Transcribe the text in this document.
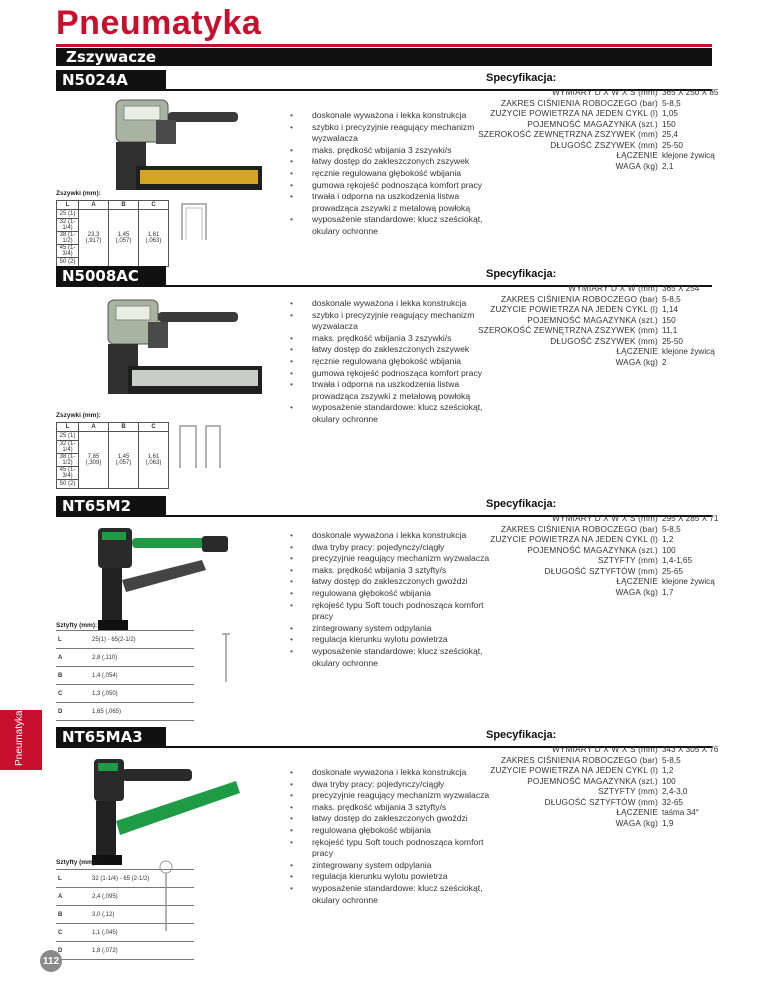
Pneumatyka
Zszywacze
N5024A	Specyfikacja:
• doskonale wyważona i lekka konstrukcja
• szybko i precyzyjnie reagujący mechanizm wyzwalacza
• maks. prędkość wbijania 3 zszywki/s
• łatwy dostęp do zakleszczonych zszywek
• ręcznie regulowana głębokość wbijania
• gumowa rękojeść podnosząca komfort pracy
• trwała i odporna na uszkodzenia listwa prowadząca zszywki z metalową powłoką
• wyposażenie standardowe: klucz sześciokąt, okulary ochronne
WYMIARY D X W X S (mm) 365 X 250 X 85
ZAKRES CIŚNIENIA ROBOCZEGO (bar) 5-8,5
ZUŻYCIE POWIETRZA NA JEDEN CYKL (l) 1,05
POJEMNOŚĆ MAGAZYNKA (szt.) 150
SZEROKOŚĆ ZEWNĘTRZNA ZSZYWEK (mm) 25,4
DŁUGOŚĆ ZSZYWEK (mm) 25-50
ŁĄCZENIE klejone żywicą
WAGA (kg) 2,1
Zszywki (mm):
L	A	B	C
25 (1)	23,3 (,917)	1,45 (,057)	1,61 (,063)
32 (1-1/4)			
38 (1-1/2)			
45 (1-3/4)			
50 (2)			
N5008AC	Specyfikacja:
• doskonale wyważona i lekka konstrukcja
• szybko i precyzyjnie reagujący mechanizm wyzwalacza
• maks. prędkość wbijania 3 zszywki/s
• łatwy dostęp do zakleszczonych zszywek
• ręcznie regulowana głębokość wbijania
• gumowa rękojeść podnosząca komfort pracy
• trwała i odporna na uszkodzenia listwa prowadząca zszywki z metalową powłoką
• wyposażenie standardowe: klucz sześciokąt, okulary ochronne
WYMIARY D X W (mm) 365 X 254
ZAKRES CIŚNIENIA ROBOCZEGO (bar) 5-8,5
ZUŻYCIE POWIETRZA NA JEDEN CYKL (l) 1,14
POJEMNOŚĆ MAGAZYNKA (szt.) 150
SZEROKOŚĆ ZEWNĘTRZNA ZSZYWEK (mm) 11,1
DŁUGOŚĆ ZSZYWEK (mm) 25-50
ŁĄCZENIE klejone żywicą
WAGA (kg) 2
Zszywki (mm):
L	A	B	C
25 (1)	7,85 (,309)	1,45 (,057)	1,61 (,063)
32 (1-1/4)			
38 (1-1/2)			
45 (1-3/4)			
50 (2)			
NT65M2	Specyfikacja:
• doskonale wyważona i lekka konstrukcja
• dwa tryby pracy: pojedynczy/ciągły
• precyzyjnie reagujący mechanizm wyzwalacza
• maks. prędkość wbijania 3 sztyfty/s
• łatwy dostęp do zakleszczonych gwoździ
• regulowana głębokość wbijania
• rękojeść typu Soft touch podnosząca komfort pracy
• zintegrowany system odpylania
• regulacja kierunku wylotu powietrza
• wyposażenie standardowe: klucz sześciokąt, okulary ochronne
WYMIARY D X W X S (mm) 295 X 285 X 71
ZAKRES CIŚNIENIA ROBOCZEGO (bar) 5-8,5
ZUŻYCIE POWIETRZA NA JEDEN CYKL (l) 1,2
POJEMNOŚĆ MAGAZYNKA (szt.) 100
SZTYFTY (mm) 1,4-1,65
DŁUGOŚĆ SZTYFTÓW (mm) 25-65
ŁĄCZENIE klejone żywicą
WAGA (kg) 1,7
Sztyfty (mm):
L	25(1) - 65(2-1/2)
A	2,8 (,110)
B	1,4 (,054)
C	1,3 (,050)
D	1,65 (,065)
NT65MA3	Specyfikacja:
• doskonale wyważona i lekka konstrukcja
• dwa tryby pracy: pojedynczy/ciągły
• precyzyjnie reagujący mechanizm wyzwalacza
• maks. prędkość wbijania 3 sztyfty/s
• łatwy dostęp do zakleszczonych gwoździ
• regulowana głębokość wbijania
• rękojeść typu Soft touch podnosząca komfort pracy
• zintegrowany system odpylania
• regulacja kierunku wylotu powietrza
• wyposażenie standardowe: klucz sześciokąt, okulary ochronne
WYMIARY D X W X S (mm) 343 X 305 X 76
ZAKRES CIŚNIENIA ROBOCZEGO (bar) 5-8,5
ZUŻYCIE POWIETRZA NA JEDEN CYKL (l) 1,2
POJEMNOŚĆ MAGAZYNKA (szt.) 100
SZTYFTY (mm) 2,4-3,0
DŁUGOŚĆ SZTYFTÓW (mm) 32-65
ŁĄCZENIE taśma 34°
WAGA (kg) 1,9
Sztyfty (mm):
L	32 (1-1/4) - 65 (2-1/2)
A	2,4 (,095)
B	3,0 (,12)
C	1,1 (,045)
D	1,8 (,072)
Pneumatyka
112
